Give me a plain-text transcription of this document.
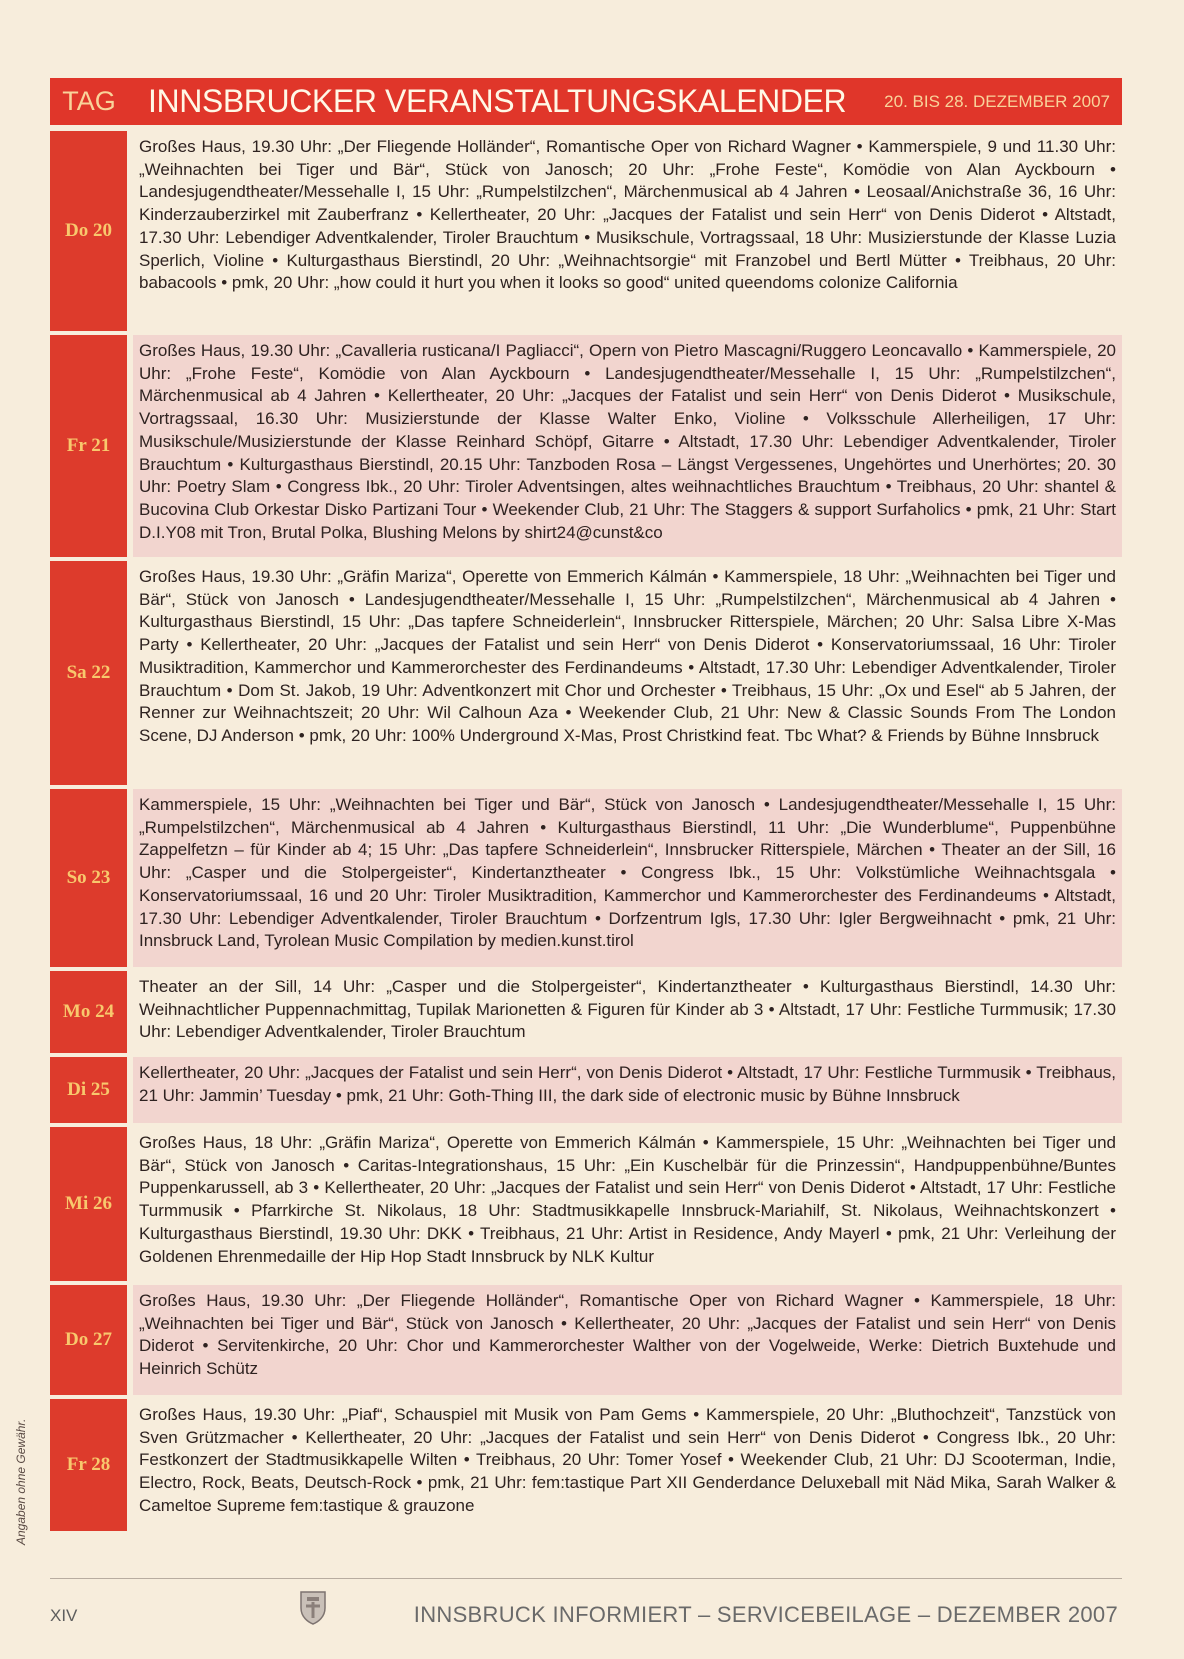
TAG	INNSBRUCKER VERANSTALTUNGSKALENDER	20. BIS 28. DEZEMBER 2007
Do 20
Großes Haus, 19.30 Uhr: „Der Fliegende Holländer“, Romantische Oper von Richard Wagner • Kammerspiele, 9 und 11.30 Uhr: „Weihnachten bei Tiger und Bär“, Stück von Janosch; 20 Uhr: „Frohe Feste“, Komödie von Alan Ayckbourn • Landesjugendtheater/Messehalle I, 15 Uhr: „Rumpelstilzchen“, Märchenmusical ab 4 Jahren • Leosaal/Anichstraße 36, 16 Uhr: Kinderzauberzirkel mit Zauberfranz • Kellertheater, 20 Uhr: „Jacques der Fatalist und sein Herr“ von Denis Diderot • Altstadt, 17.30 Uhr: Lebendiger Adventkalender, Tiroler Brauchtum • Musikschule, Vortragssaal, 18 Uhr: Musizierstunde der Klasse Luzia Sperlich, Violine • Kulturgasthaus Bierstindl, 20 Uhr: „Weihnachtsorgie“ mit Franzobel und Bertl Mütter • Treibhaus, 20 Uhr: babacools • pmk, 20 Uhr: „how could it hurt you when it looks so good“ united queendoms colonize California
Fr 21
Großes Haus, 19.30 Uhr: „Cavalleria rusticana/I Pagliacci“, Opern von Pietro Mascagni/Ruggero Leoncavallo • Kammerspiele, 20 Uhr: „Frohe Feste“, Komödie von Alan Ayckbourn • Landesjugendtheater/Messehalle I, 15 Uhr: „Rumpelstilzchen“, Märchenmusical ab 4 Jahren • Kellertheater, 20 Uhr: „Jacques der Fatalist und sein Herr“ von Denis Diderot • Musikschule, Vortragssaal, 16.30 Uhr: Musizierstunde der Klasse Walter Enko, Violine • Volksschule Allerheiligen, 17 Uhr: Musikschule/Musizierstunde der Klasse Reinhard Schöpf, Gitarre • Altstadt, 17.30 Uhr: Lebendiger Adventkalender, Tiroler Brauchtum • Kulturgasthaus Bierstindl, 20.15 Uhr: Tanzboden Rosa – Längst Vergessenes, Ungehörtes und Unerhörtes; 20. 30 Uhr: Poetry Slam • Congress Ibk., 20 Uhr: Tiroler Adventsingen, altes weihnachtliches Brauchtum • Treibhaus, 20 Uhr: shantel & Bucovina Club Orkestar Disko Partizani Tour • Weekender Club, 21 Uhr: The Staggers & support Surfaholics • pmk, 21 Uhr: Start D.I.Y08 mit Tron, Brutal Polka, Blushing Melons by shirt24@cunst&co
Sa 22
Großes Haus, 19.30 Uhr: „Gräfin Mariza“, Operette von Emmerich Kálmán • Kammerspiele, 18 Uhr: „Weihnachten bei Tiger und Bär“, Stück von Janosch • Landesjugendtheater/Messehalle I, 15 Uhr: „Rumpelstilzchen“, Märchenmusical ab 4 Jahren • Kulturgasthaus Bierstindl, 15 Uhr: „Das tapfere Schneiderlein“, Innsbrucker Ritterspiele, Märchen; 20 Uhr: Salsa Libre X-Mas Party • Kellertheater, 20 Uhr: „Jacques der Fatalist und sein Herr“ von Denis Diderot • Konservatoriumssaal, 16 Uhr: Tiroler Musiktradition, Kammerchor und Kammerorchester des Ferdinandeums • Altstadt, 17.30 Uhr: Lebendiger Adventkalender, Tiroler Brauchtum • Dom St. Jakob, 19 Uhr: Adventkonzert mit Chor und Orchester • Treibhaus, 15 Uhr: „Ox und Esel“ ab 5 Jahren, der Renner zur Weihnachtszeit; 20 Uhr: Wil Calhoun Aza • Weekender Club, 21 Uhr: New & Classic Sounds From The London Scene, DJ Anderson • pmk, 20 Uhr: 100% Underground X-Mas, Prost Christkind feat. Tbc What? & Friends by Bühne Innsbruck
So 23
Kammerspiele, 15 Uhr: „Weihnachten bei Tiger und Bär“, Stück von Janosch • Landesjugendtheater/Messehalle I, 15 Uhr: „Rumpelstilzchen“, Märchenmusical ab 4 Jahren • Kulturgasthaus Bierstindl, 11 Uhr: „Die Wunderblume“, Puppenbühne Zappelfetzn – für Kinder ab 4; 15 Uhr: „Das tapfere Schneiderlein“, Innsbrucker Ritterspiele, Märchen • Theater an der Sill, 16 Uhr: „Casper und die Stolpergeister“, Kindertanztheater • Congress Ibk., 15 Uhr: Volkstümliche Weihnachtsgala • Konservatoriumssaal, 16 und 20 Uhr: Tiroler Musiktradition, Kammerchor und Kammerorchester des Ferdinandeums • Altstadt, 17.30 Uhr: Lebendiger Adventkalender, Tiroler Brauchtum • Dorfzentrum Igls, 17.30 Uhr: Igler Bergweihnacht • pmk, 21 Uhr: Innsbruck Land, Tyrolean Music Compilation by medien.kunst.tirol
Mo 24
Theater an der Sill, 14 Uhr: „Casper und die Stolpergeister“, Kindertanztheater • Kulturgasthaus Bierstindl, 14.30 Uhr: Weihnachtlicher Puppennachmittag, Tupilak Marionetten & Figuren für Kinder ab 3 • Altstadt, 17 Uhr: Festliche Turmmusik; 17.30 Uhr: Lebendiger Adventkalender, Tiroler Brauchtum
Di 25
Kellertheater, 20 Uhr: „Jacques der Fatalist und sein Herr“, von Denis Diderot • Altstadt, 17 Uhr: Festliche Turmmusik • Treibhaus, 21 Uhr: Jammin’ Tuesday • pmk, 21 Uhr: Goth-Thing III, the dark side of electronic music by Bühne Innsbruck
Mi 26
Großes Haus, 18 Uhr: „Gräfin Mariza“, Operette von Emmerich Kálmán • Kammerspiele, 15 Uhr: „Weihnachten bei Tiger und Bär“, Stück von Janosch • Caritas-Integrationshaus, 15 Uhr: „Ein Kuschelbär für die Prinzessin“, Handpuppenbühne/Buntes Puppenkarussell, ab 3 • Kellertheater, 20 Uhr: „Jacques der Fatalist und sein Herr“ von Denis Diderot • Altstadt, 17 Uhr: Festliche Turmmusik • Pfarrkirche St. Nikolaus, 18 Uhr: Stadtmusikkapelle Innsbruck-Mariahilf, St. Nikolaus, Weihnachtskonzert • Kulturgasthaus Bierstindl, 19.30 Uhr: DKK • Treibhaus, 21 Uhr: Artist in Residence, Andy Mayerl • pmk, 21 Uhr: Verleihung der Goldenen Ehrenmedaille der Hip Hop Stadt Innsbruck by NLK Kultur
Do 27
Großes Haus, 19.30 Uhr: „Der Fliegende Holländer“, Romantische Oper von Richard Wagner • Kammerspiele, 18 Uhr: „Weihnachten bei Tiger und Bär“, Stück von Janosch • Kellertheater, 20 Uhr: „Jacques der Fatalist und sein Herr“ von Denis Diderot • Servitenkirche, 20 Uhr: Chor und Kammerorchester Walther von der Vogelweide, Werke: Dietrich Buxtehude und Heinrich Schütz
Fr 28
Großes Haus, 19.30 Uhr: „Piaf“, Schauspiel mit Musik von Pam Gems • Kammerspiele, 20 Uhr: „Bluthochzeit“, Tanzstück von Sven Grützmacher • Kellertheater, 20 Uhr: „Jacques der Fatalist und sein Herr“ von Denis Diderot • Congress Ibk., 20 Uhr: Festkonzert der Stadtmusikkapelle Wilten • Treibhaus, 20 Uhr: Tomer Yosef • Weekender Club, 21 Uhr: DJ Scooterman, Indie, Electro, Rock, Beats, Deutsch-Rock • pmk, 21 Uhr: fem:tastique Part XII Genderdance Deluxeball mit Näd Mika, Sarah Walker & Cameltoe Supreme fem:tastique & grauzone
Angaben ohne Gewähr.
XIV	INNSBRUCK INFORMIERT – SERVICEBEILAGE – DEZEMBER 2007
